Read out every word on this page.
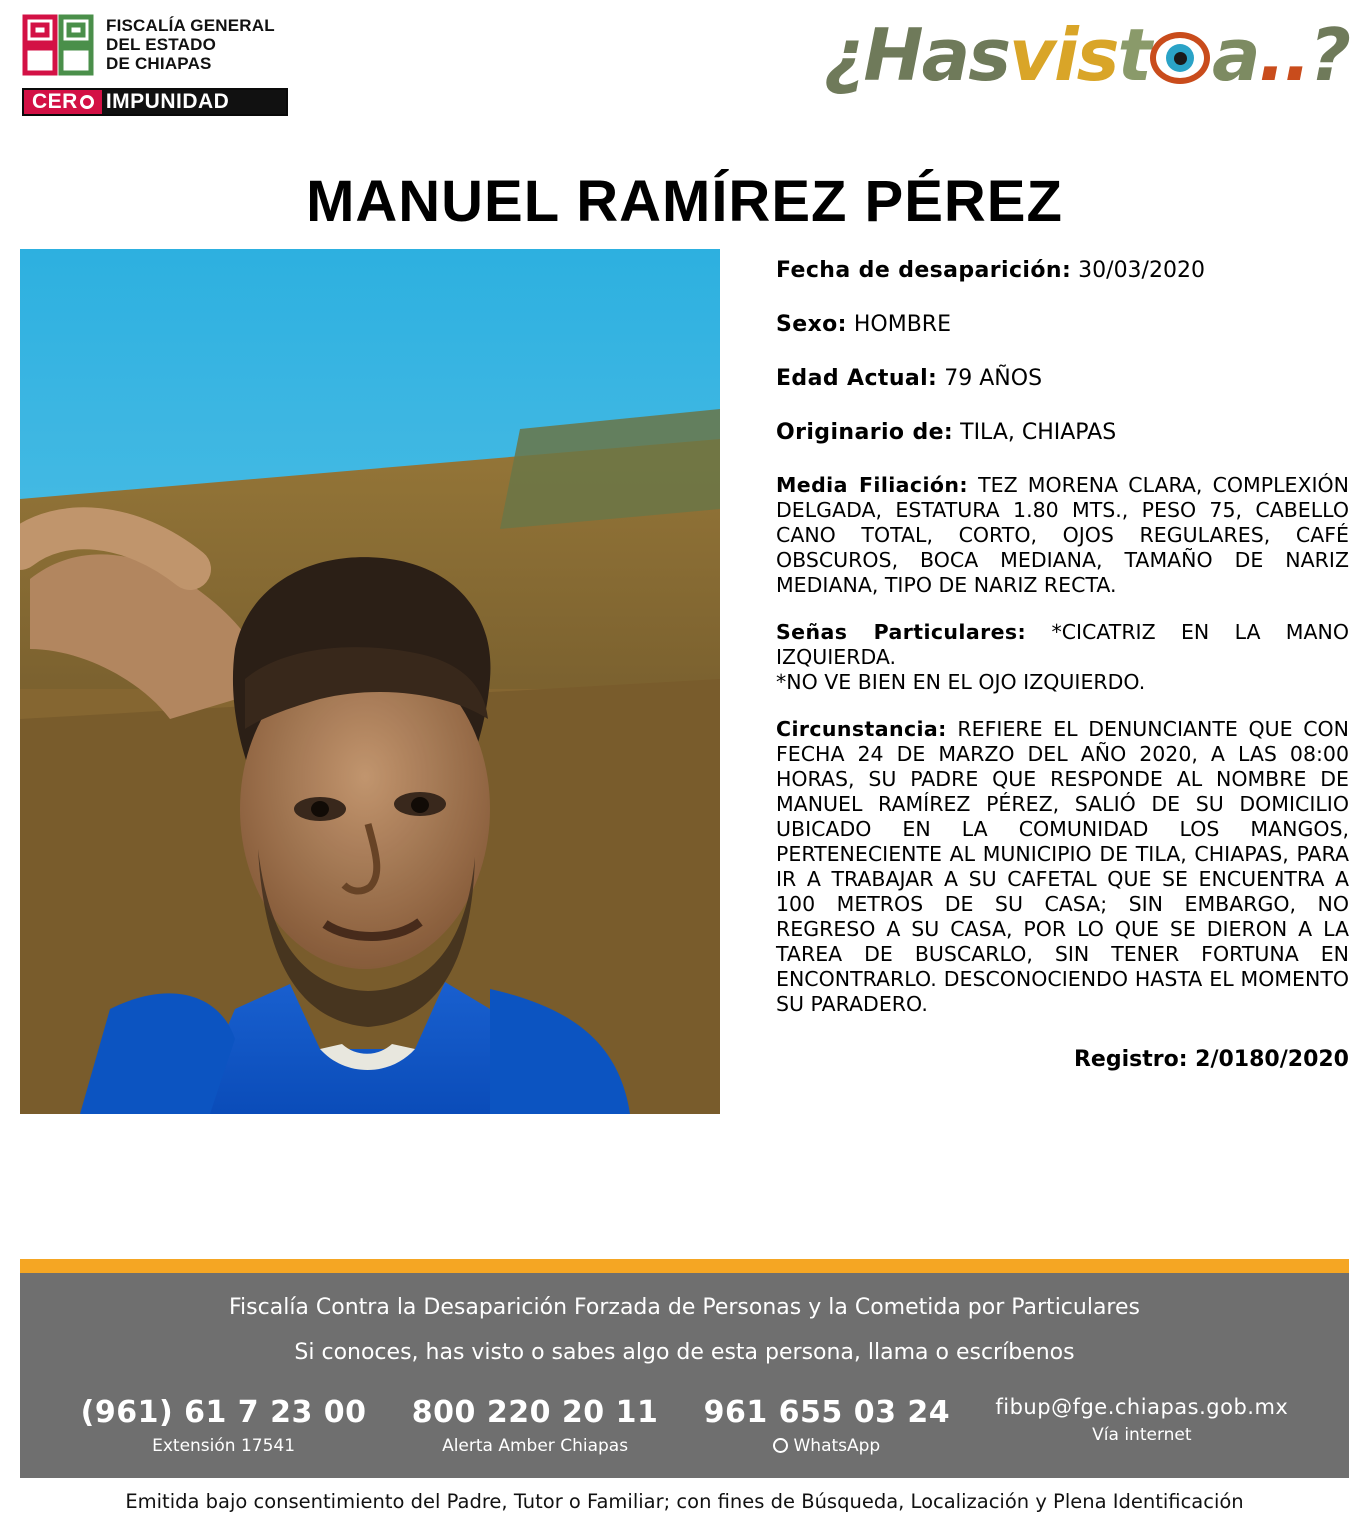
FISCALÍA GENERAL
DEL ESTADO
DE CHIAPAS
CER IMPUNIDAD
¿Hasvist a..?
MANUEL RAMÍREZ PÉREZ
Fecha de desaparición: 30/03/2020
Sexo: HOMBRE
Edad Actual: 79 AÑOS
Originario de: TILA, CHIAPAS
Media Filiación: TEZ MORENA CLARA, COMPLEXIÓN DELGADA, ESTATURA 1.80 MTS., PESO 75, CABELLO CANO TOTAL, CORTO, OJOS REGULARES, CAFÉ OBSCUROS, BOCA MEDIANA, TAMAÑO DE NARIZ MEDIANA, TIPO DE NARIZ RECTA.
Señas Particulares: *CICATRIZ EN LA MANO IZQUIERDA.
*NO VE BIEN EN EL OJO IZQUIERDO.
Circunstancia: REFIERE EL DENUNCIANTE QUE CON FECHA 24 DE MARZO DEL AÑO 2020, A LAS 08:00 HORAS, SU PADRE QUE RESPONDE AL NOMBRE DE MANUEL RAMÍREZ PÉREZ, SALIÓ DE SU DOMICILIO UBICADO EN LA COMUNIDAD LOS MANGOS, PERTENECIENTE AL MUNICIPIO DE TILA, CHIAPAS, PARA IR A TRABAJAR A SU CAFETAL QUE SE ENCUENTRA A 100 METROS DE SU CASA; SIN EMBARGO, NO REGRESO A SU CASA, POR LO QUE SE DIERON A LA TAREA DE BUSCARLO, SIN TENER FORTUNA EN ENCONTRARLO. DESCONOCIENDO HASTA EL MOMENTO SU PARADERO.
Registro: 2/0180/2020
Fiscalía Contra la Desaparición Forzada de Personas y la Cometida por Particulares
Si conoces, has visto o sabes algo de esta persona, llama o escríbenos
(961) 61 7 23 00
Extensión 17541
800 220 20 11
Alerta Amber Chiapas
961 655 03 24
WhatsApp
fibup@fge.chiapas.gob.mx
Vía internet
Emitida bajo consentimiento del Padre, Tutor o Familiar; con fines de Búsqueda, Localización y Plena Identificación
